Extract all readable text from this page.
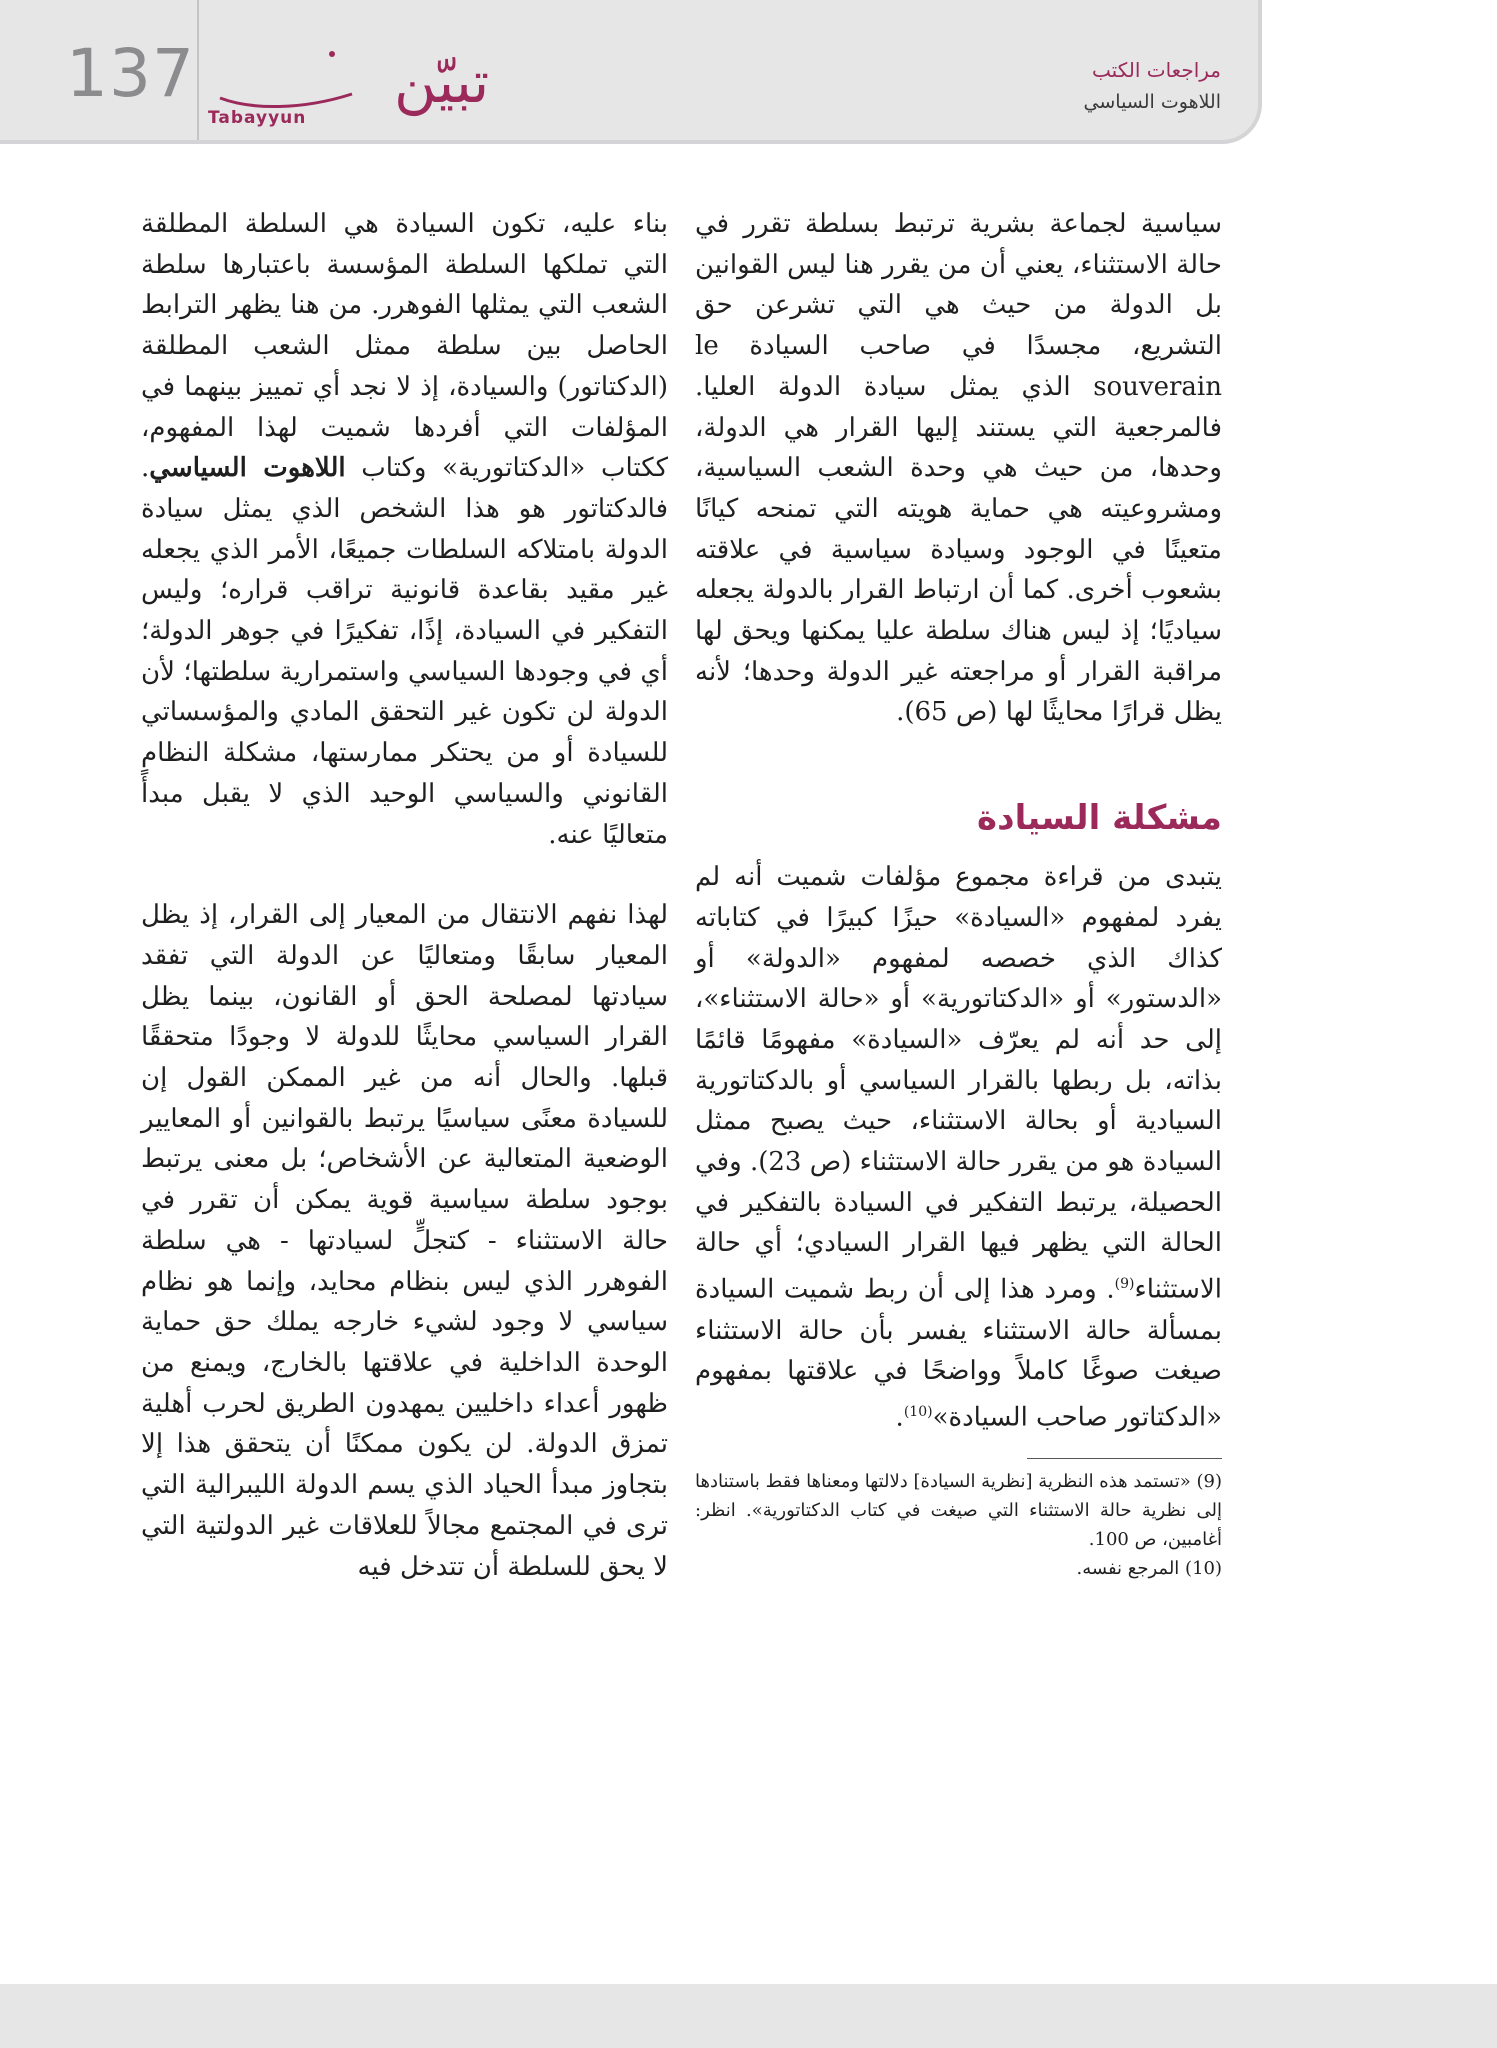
137	تبيّن
Tabayyun
مراجعات الكتب
اللاهوت السياسي

سياسية لجماعة بشرية ترتبط بسلطة تقرر في حالة الاستثناء، يعني أن من يقرر هنا ليس القوانين بل الدولة من حيث هي التي تشرعن حق التشريع، مجسدًا في صاحب السيادة le souverain الذي يمثل سيادة الدولة العليا. فالمرجعية التي يستند إليها القرار هي الدولة، وحدها، من حيث هي وحدة الشعب السياسية، ومشروعيته هي حماية هويته التي تمنحه كيانًا متعينًا في الوجود وسيادة سياسية في علاقته بشعوب أخرى. كما أن ارتباط القرار بالدولة يجعله سياديًا؛ إذ ليس هناك سلطة عليا يمكنها ويحق لها مراقبة القرار أو مراجعته غير الدولة وحدها؛ لأنه يظل قرارًا محايثًا لها (ص 65).

مشكلة السيادة

يتبدى من قراءة مجموع مؤلفات شميت أنه لم يفرد لمفهوم «السيادة» حيزًا كبيرًا في كتاباته كذاك الذي خصصه لمفهوم «الدولة» أو «الدستور» أو «الدكتاتورية» أو «حالة الاستثناء»، إلى حد أنه لم يعرّف «السيادة» مفهومًا قائمًا بذاته، بل ربطها بالقرار السياسي أو بالدكتاتورية السيادية أو بحالة الاستثناء، حيث يصبح ممثل السيادة هو من يقرر حالة الاستثناء (ص 23). وفي الحصيلة، يرتبط التفكير في السيادة بالتفكير في الحالة التي يظهر فيها القرار السيادي؛ أي حالة الاستثناء$^{(9)}$. ومرد هذا إلى أن ربط شميت السيادة بمسألة حالة الاستثناء يفسر بأن حالة الاستثناء صيغت صوغًا كاملاً وواضحًا في علاقتها بمفهوم «الدكتاتور صاحب السيادة»$^{(10)}$.

(9) «تستمد هذه النظرية [نظرية السيادة] دلالتها ومعناها فقط باستنادها إلى نظرية حالة الاستثناء التي صيغت في كتاب الدكتاتورية». انظر: أغامبين، ص 100.

(10) المرجع نفسه.

بناء عليه، تكون السيادة هي السلطة المطلقة التي تملكها السلطة المؤسسة باعتبارها سلطة الشعب التي يمثلها الفوهرر. من هنا يظهر الترابط الحاصل بين سلطة ممثل الشعب المطلقة (الدكتاتور) والسيادة، إذ لا نجد أي تمييز بينهما في المؤلفات التي أفردها شميت لهذا المفهوم، ككتاب «الدكتاتورية» وكتاب اللاهوت السياسي. فالدكتاتور هو هذا الشخص الذي يمثل سيادة الدولة بامتلاكه السلطات جميعًا، الأمر الذي يجعله غير مقيد بقاعدة قانونية تراقب قراره؛ وليس التفكير في السيادة، إذًا، تفكيرًا في جوهر الدولة؛ أي في وجودها السياسي واستمرارية سلطتها؛ لأن الدولة لن تكون غير التحقق المادي والمؤسساتي للسيادة أو من يحتكر ممارستها، مشكلة النظام القانوني والسياسي الوحيد الذي لا يقبل مبدأً متعاليًا عنه.

لهذا نفهم الانتقال من المعيار إلى القرار، إذ يظل المعيار سابقًا ومتعاليًا عن الدولة التي تفقد سيادتها لمصلحة الحق أو القانون، بينما يظل القرار السياسي محايثًا للدولة لا وجودًا متحققًا قبلها. والحال أنه من غير الممكن القول إن للسيادة معنًى سياسيًا يرتبط بالقوانين أو المعايير الوضعية المتعالية عن الأشخاص؛ بل معنى يرتبط بوجود سلطة سياسية قوية يمكن أن تقرر في حالة الاستثناء - كتجلٍّ لسيادتها - هي سلطة الفوهرر الذي ليس بنظام محايد، وإنما هو نظام سياسي لا وجود لشيء خارجه يملك حق حماية الوحدة الداخلية في علاقتها بالخارج، ويمنع من ظهور أعداء داخليين يمهدون الطريق لحرب أهلية تمزق الدولة. لن يكون ممكنًا أن يتحقق هذا إلا بتجاوز مبدأ الحياد الذي يسم الدولة الليبرالية التي ترى في المجتمع مجالاً للعلاقات غير الدولتية التي لا يحق للسلطة أن تتدخل فيه
